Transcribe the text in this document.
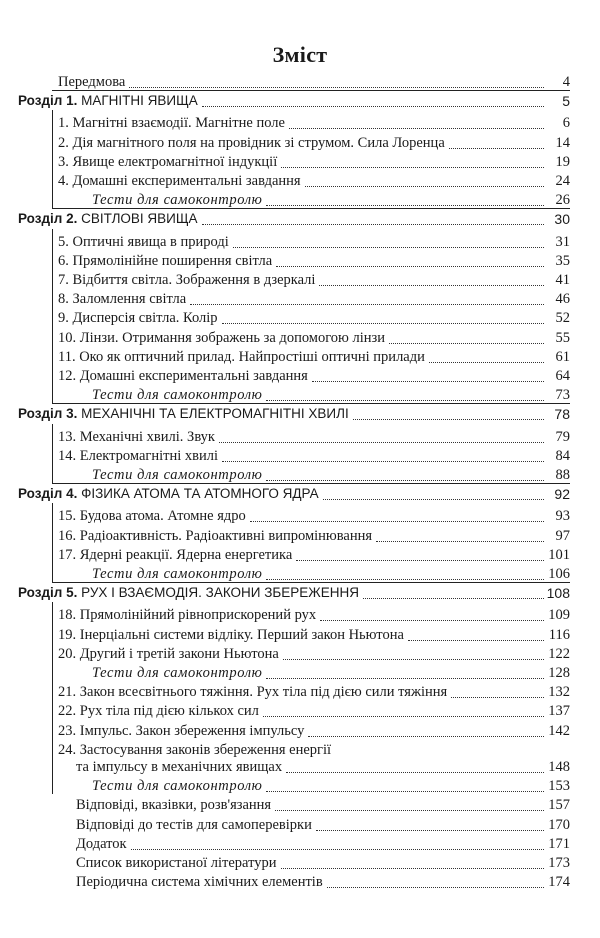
Зміст
Передмова	4
Розділ 1. МАГНІТНІ ЯВИЩА	5
1. Магнітні взаємодії. Магнітне поле	6
2. Дія магнітного поля на провідник зі струмом. Сила Лоренца	14
3. Явище електромагнітної індукції	19
4. Домашні експериментальні завдання	24
Тести для самоконтролю	26
Розділ 2. СВІТЛОВІ ЯВИЩА	30
5. Оптичні явища в природі	31
6. Прямолінійне поширення світла	35
7. Відбиття світла. Зображення в дзеркалі	41
8. Заломлення світла	46
9. Дисперсія світла. Колір	52
10. Лінзи. Отримання зображень за допомогою лінзи	55
11. Око як оптичний прилад. Найпростіші оптичні прилади	61
12. Домашні експериментальні завдання	64
Тести для самоконтролю	73
Розділ 3. МЕХАНІЧНІ ТА ЕЛЕКТРОМАГНІТНІ ХВИЛІ	78
13. Механічні хвилі. Звук	79
14. Електромагнітні хвилі	84
Тести для самоконтролю	88
Розділ 4. ФІЗИКА АТОМА ТА АТОМНОГО ЯДРА	92
15. Будова атома. Атомне ядро	93
16. Радіоактивність. Радіоактивні випромінювання	97
17. Ядерні реакції. Ядерна енергетика	101
Тести для самоконтролю	106
Розділ 5. РУХ І ВЗАЄМОДІЯ. ЗАКОНИ ЗБЕРЕЖЕННЯ	108
18. Прямолінійний рівноприскорений рух	109
19. Інерціальні системи відліку. Перший закон Ньютона	116
20. Другий і третій закони Ньютона	122
Тести для самоконтролю	128
21. Закон всесвітнього тяжіння. Рух тіла під дією сили тяжіння	132
22. Рух тіла під дією кількох сил	137
23. Імпульс. Закон збереження імпульсу	142
24. Застосування законів збереження енергії
та імпульсу в механічних явищах	148
Тести для самоконтролю	153
Відповіді, вказівки, розв'язання	157
Відповіді до тестів для самоперевірки	170
Додаток	171
Список використаної літератури	173
Періодична система хімічних елементів	174
